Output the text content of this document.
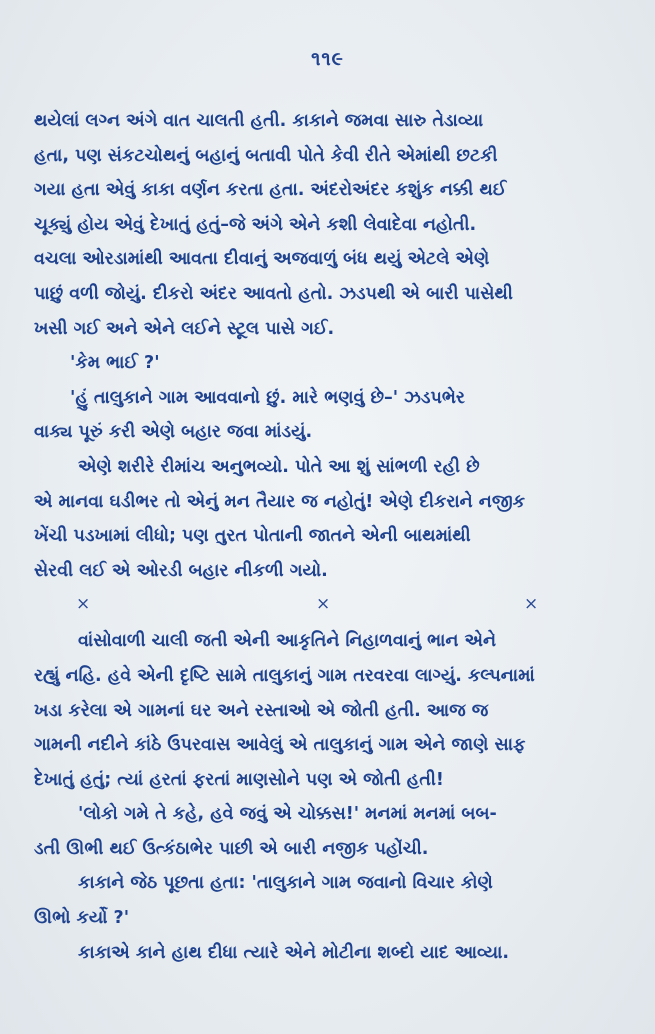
૧૧૯
થયેલાં લગ્ન અંગે વાત ચાલતી હતી. કાકાને જમવા સારુ તેડાવ્યા
હતા, પણ સંકટચોથનું બહાનું બતાવી પોતે કેવી રીતે એમાંથી છટકી
ગયા હતા એવું કાકા વર્ણન કરતા હતા. અંદરોઅંદર કશુંક નક્કી થઈ
ચૂક્યું હોય એવું દેખાતું હતું–જે અંગે એને કશી લેવાદેવા નહોતી.
વચલા ઓરડામાંથી આવતા દીવાનું અજવાળું બંધ થયું એટલે એણે
પાછું વળી જોયું. દીકરો અંદર આવતો હતો. ઝડપથી એ બારી પાસેથી
ખસી ગઈ અને એને લઈને સ્ટૂલ પાસે ગઈ.
'કેમ ભાઈ ?'
'હું તાલુકાને ગામ આવવાનો છું. મારે ભણવું છે–' ઝડપભેર
વાક્ય પૂરું કરી એણે બહાર જવા માંડયું.
એણે શરીરે રીમાંચ અનુભવ્યો. પોતે આ શું સાંભળી રહી છે
એ માનવા ઘડીભર તો એનું મન તૈયાર જ નહોતું! એણે દીકરાને નજીક
ખેંચી પડખામાં લીધો; પણ તુરત પોતાની જાતને એની બાથમાંથી
સેરવી લઈ એ ઓરડી બહાર નીકળી ગયો.
×	×	×
વાંસોવાળી ચાલી જતી એની આકૃતિને નિહાળવાનું ભાન એને
રહ્યું નહિ. હવે એની દૃષ્ટિ સામે તાલુકાનું ગામ તરવરવા લાગ્યું. કલ્પનામાં
ખડા કરેલા એ ગામનાં ઘર અને રસ્તાઓ એ જોતી હતી. આજ જ
ગામની નદીને કાંઠે ઉપરવાસ આવેલું એ તાલુકાનું ગામ એને જાણે સાફ
દેખાતું હતું; ત્યાં હરતાં ફરતાં માણસોને પણ એ જોતી હતી!
'લોકો ગમે તે કહે, હવે જવું એ ચોક્કસ!' મનમાં મનમાં બબ-
ડતી ઊભી થઈ ઉત્કંઠાભેર પાછી એ બારી નજીક પહોંચી.
કાકાને જેઠ પૂછતા હતા: 'તાલુકાને ગામ જવાનો વિચાર કોણે
ઊભો કર્યો ?'
કાકાએ કાને હાથ દીધા ત્યારે એને મોટીના શબ્દો યાદ આવ્યા.
